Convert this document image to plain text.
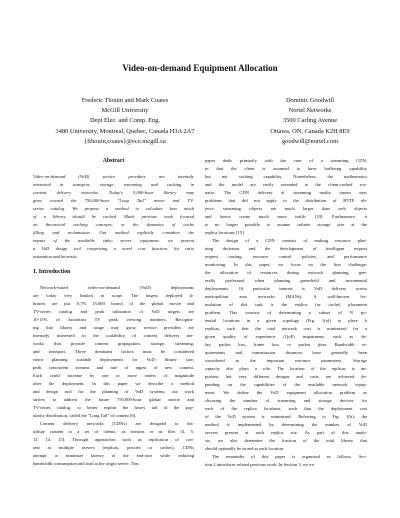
Video-on-demand Equipment Allocation
Frederic Thouin and Mark Coates
McGill University
Dept Elec. and Comp. Eng.
3480 University, Montreal, Quebec, Canada H3A 2A7
{fthouin,coates}@ece.mcgill.ca
Dominic Goodwill
Nortel Networks
3500 Carling Avenue
Ottawa, ON, Canada K2H 8E9
goodwill@nortel.com
Abstract
Video-on-demand (VoD) service providers are intensely
interested in transport, storage, streaming and caching in
content delivery networks. Today's 5,000-hour library may
grow toward the 750,000-hour "Long Tail" movie and TV-
series catalog. We propose a method to calculate how much
of a library should be cached. Much previous work focused
on theoretical caching concepts, or the dynamics of cache
filling and reclamation. Our method explicitly considers the
impact of the available video server equipment: we present
a VoD design tool comprising a novel cost function, hit ratio
estimation and heuristic.
1. Introduction
Network-based video-on-demand (VoD) deployments
are today very limited in scope. The largest deployed li-
braries are just 0.7% (5,000 hours) of the global movie and
TV-series catalog and peak utilization of VoD targets are
10-15% of broadcast TV peak viewing numbers. Recogniz-
ing that library and usage may grow, service providers are
intensely interested in the scalability of content delivery net-
works that provide content propagation, storage, streaming,
and transport. Three dominant factors must be considered
when planning scalable deployments for VoD: library size,
peak concurrent streams and rate of ingest of new content.
Each could increase by one or more orders of magnitude
after the deployment. In this paper we describe a method
and design tool for the planning of VoD systems; our work
strives to address the future 750,000-hour global movie and
TV-series catalog, to better exploit the heavy tail of the pop-
ularity distribution, called the "Long Tail" of content [6].
Content delivery networks (CDNs) are designed to dis-
tribute content to a set of clients, as streams or as files [4, 5,
11, 14, 15]. Through approaches such as replication of con-
tent at multiple servers (replicas, proxies or caches), CDNs
attempt to minimize latency at the end-user while reducing
bandwidth consumption and load at the origin server. This
paper deals primarily with the case of a streaming CDN,
in that the client is assumed to have buffering capability
but not caching capability. Nonetheless, the mathematics
and the model are easily extended to the client-cached sce-
nario. The CDN delivery of streaming media causes new
problems that did not apply to the distribution of HTTP ob-
jects: streaming objects are much larger than web objects
and hence create much more traffic [10]. Furthermore, it
is no longer possible to assume infinite storage size at the
replica locations [15].
The design of a CDN consists of making resource plan-
ning decisions and the development of intelligent request
request routing, resource control policies, and performance
monitoring. In this paper, we focus on the first challenge:
the allocation of resources during network planning, gen-
erally performed when planning greenfield and incremental
deployments. Of particular interest is VoD delivery across
metropolitan area networks (MANs). A well-known for-
mulation of this task is the replica (or cache) placement
problem. This consists of determining a subset of N po-
tential locations in a given topology (Fig. 1(a)) to place k
replicas, such that the total network cost is minimized for a
given quality of experience (QoE) impairment, such as de-
lay, packet loss, frame loss, or packet jitter. Bandwidth re-
quirements and transmission distances have generally been
considered as the important resource parameters. Storage
capacity also plays a role. The location of the replicas is im-
portant, but very different designs and costs are achieved de-
pending on the capabilities of the available network equip-
ment. We define the VoD equipment allocation problem as
choosing the number of streaming and storage devices for
each of the replica locations, such that the deployment cost
of the VoD system is minimized. Referring to Fig. 1(b), the
method is implemented by determining the number of VoD
servers present at each replica site. As part of this analy-
sis, we also determine the fraction of the total library that
should optimally be stored at each location.
The remainder of this paper is organized as follows. Sec-
tion 2 introduces related previous work. In Section 3, we ex-
